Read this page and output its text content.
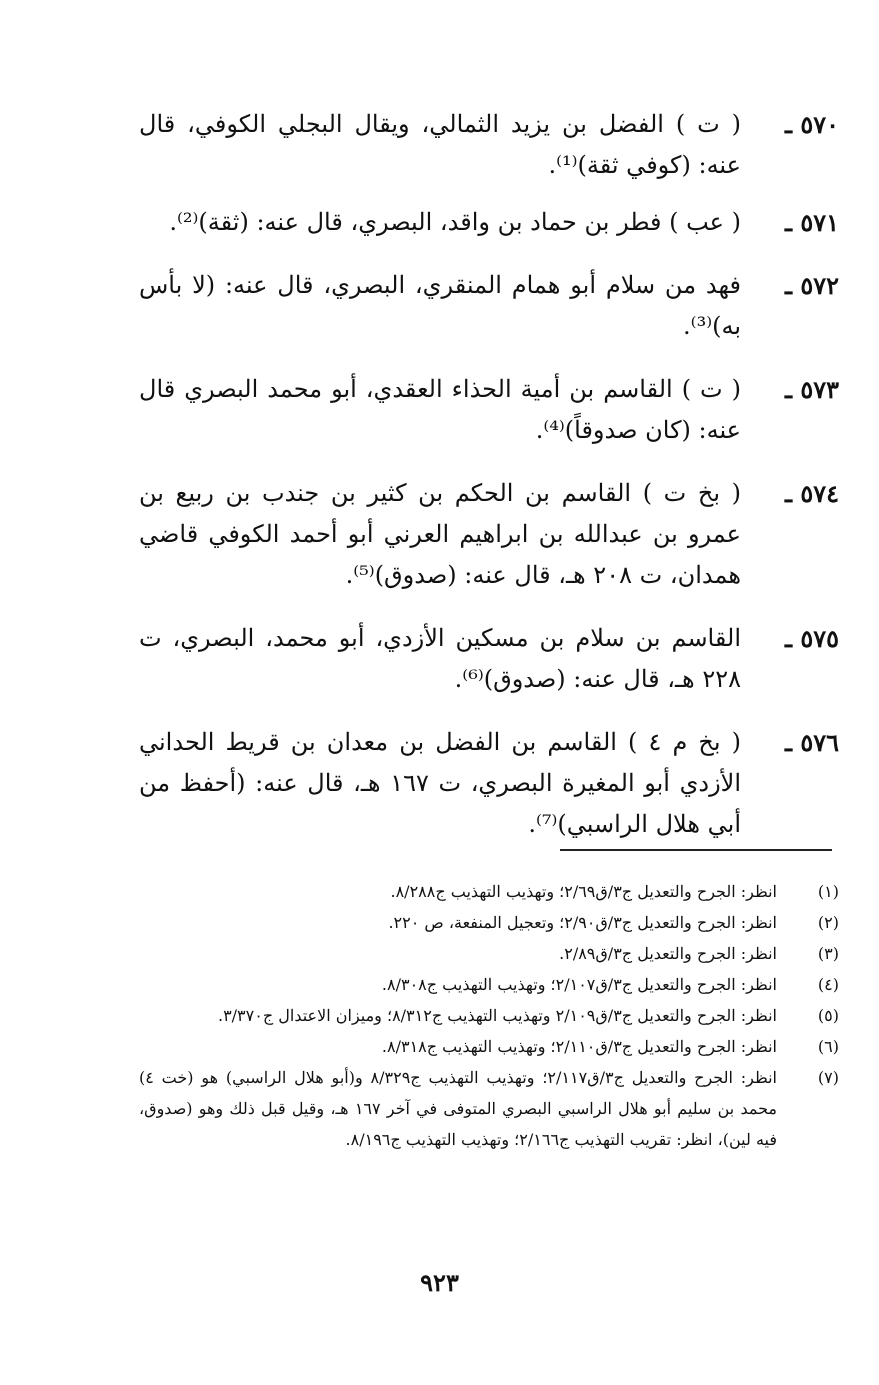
٥٧٠ ـ
( ت ) الفضل بن يزيد الثمالي، ويقال البجلي الكوفي، قال عنه: (كوفي ثقة)⁽¹⁾.
٥٧١ ـ
( عب ) فطر بن حماد بن واقد، البصري، قال عنه: (ثقة)⁽²⁾.
٥٧٢ ـ
فهد من سلام أبو همام المنقري، البصري، قال عنه: (لا بأس به)⁽³⁾.
٥٧٣ ـ
( ت ) القاسم بن أمية الحذاء العقدي، أبو محمد البصري قال عنه: (كان صدوقاً)⁽⁴⁾.
٥٧٤ ـ
( بخ ت ) القاسم بن الحكم بن كثير بن جندب بن ربيع بن عمرو بن عبدالله بن ابراهيم العرني أبو أحمد الكوفي قاضي همدان، ت ٢٠٨ هـ، قال عنه: (صدوق)⁽⁵⁾.
٥٧٥ ـ
القاسم بن سلام بن مسكين الأزدي، أبو محمد، البصري، ت ٢٢٨ هـ، قال عنه: (صدوق)⁽⁶⁾.
٥٧٦ ـ
( بخ م ٤ ) القاسم بن الفضل بن معدان بن قريط الحداني الأزدي أبو المغيرة البصري، ت ١٦٧ هـ، قال عنه: (أحفظ من أبي هلال الراسبي)⁽⁷⁾.
(١)
انظر: الجرح والتعديل ج٣/ق٢/٦٩؛ وتهذيب التهذيب ج٨/٢٨٨.
(٢)
انظر: الجرح والتعديل ج٣/ق٢/٩٠؛ وتعجيل المنفعة، ص ٢٢٠.
(٣)
انظر: الجرح والتعديل ج٣/ق٢/٨٩.
(٤)
انظر: الجرح والتعديل ج٣/ق٢/١٠٧؛ وتهذيب التهذيب ج٨/٣٠٨.
(٥)
انظر: الجرح والتعديل ج٣/ق٢/١٠٩ وتهذيب التهذيب ج٨/٣١٢؛ وميزان الاعتدال ج٣/٣٧٠.
(٦)
انظر: الجرح والتعديل ج٣/ق٢/١١٠؛ وتهذيب التهذيب ج٨/٣١٨.
(٧)
انظر: الجرح والتعديل ج٣/ق٢/١١٧؛ وتهذيب التهذيب ج٨/٣٢٩ و(أبو هلال الراسبي) هو (خت ٤) محمد بن سليم أبو هلال الراسبي البصري المتوفى في آخر ١٦٧ هـ، وقيل قبل ذلك وهو (صدوق، فيه لين)، انظر: تقريب التهذيب ج٢/١٦٦؛ وتهذيب التهذيب ج٨/١٩٦.
٩٢٣
